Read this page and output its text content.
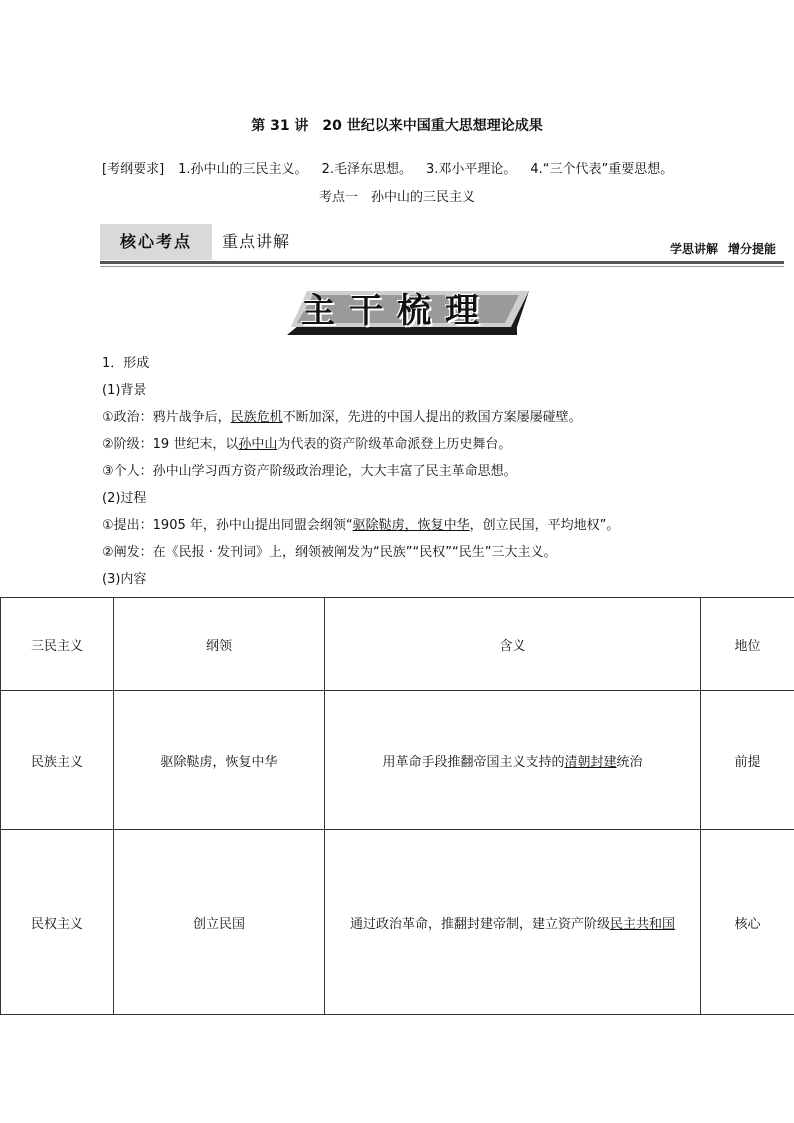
第 31 讲　20 世纪以来中国重大思想理论成果
[考纲要求] 1.孙中山的三民主义。 2.毛泽东思想。 3.邓小平理论。 4.“三个代表”重要思想。
考点一　孙中山的三民主义
核心考点	重点讲解	学思讲解 增分提能
主干梳理
1．形成
(1)背景
①政治：鸦片战争后，民族危机不断加深，先进的中国人提出的救国方案屡屡碰壁。
②阶级：19 世纪末，以孙中山为代表的资产阶级革命派登上历史舞台。
③个人：孙中山学习西方资产阶级政治理论，大大丰富了民主革命思想。
(2)过程
①提出：1905 年，孙中山提出同盟会纲领“驱除鞑虏，恢复中华，创立民国，平均地权”。
②阐发：在《民报 · 发刊词》上，纲领被阐发为“民族”“民权”“民生”三大主义。
(3)内容
三民主义	纲领	含义	地位
民族主义	驱除鞑虏，恢复中华	用革命手段推翻帝国主义支持的清朝封建统治	前提
民权主义	创立民国	通过政治革命，推翻封建帝制，建立资产阶级民主共和国	核心
